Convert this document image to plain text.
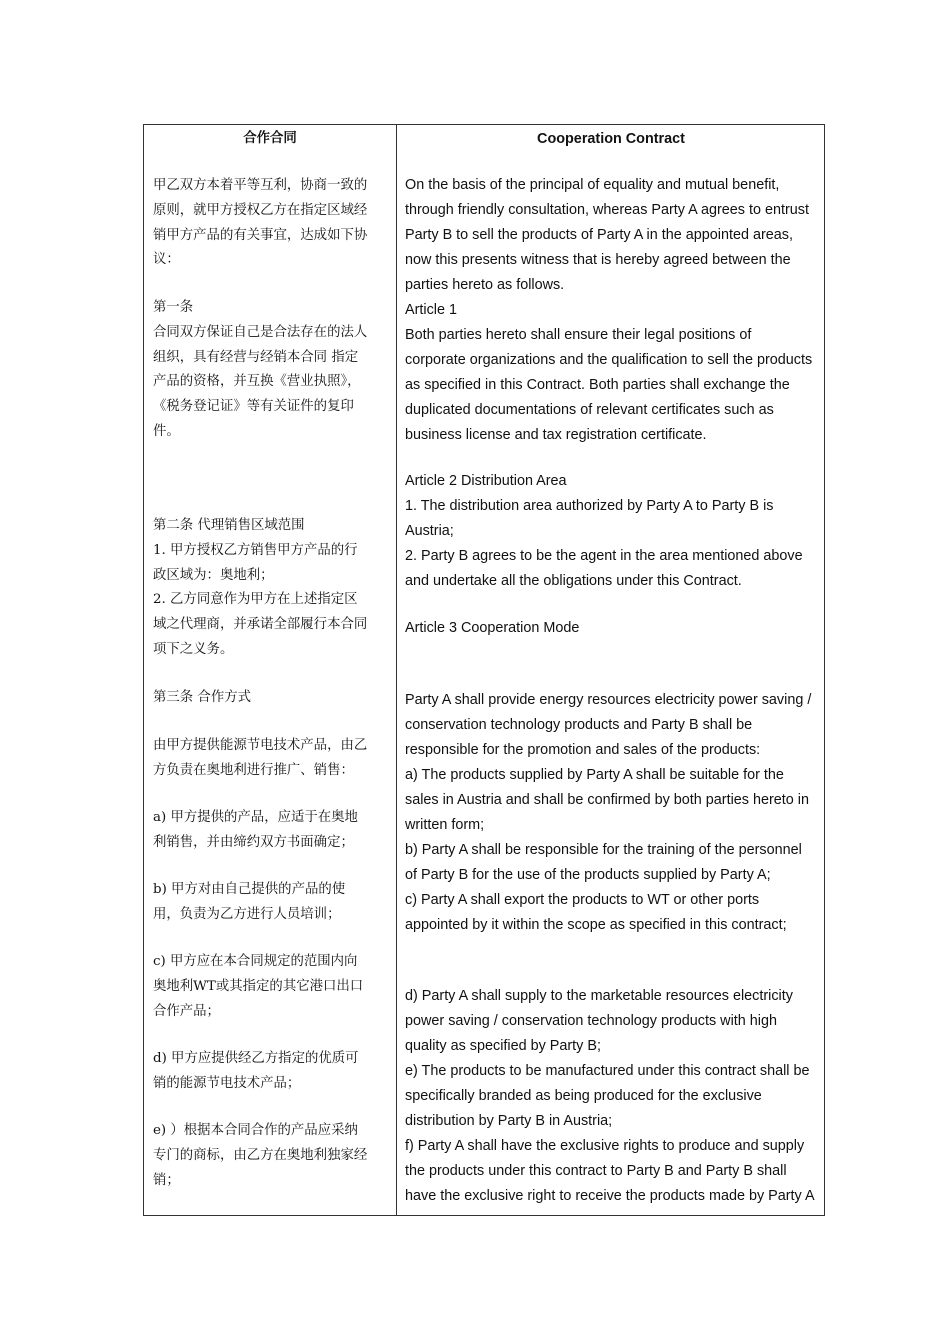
合作合同	Cooperation Contract

甲乙双方本着平等互利，协商一致的
原则，就甲方授权乙方在指定区域经
销甲方产品的有关事宜，达成如下协
议：

第一条
合同双方保证自己是合法存在的法人
组织，具有经营与经销本合同 指定
产品的资格，并互换《营业执照》，
《税务登记证》等有关证件的复印
件。

第二条 代理销售区域范围
1. 甲方授权乙方销售甲方产品的行
政区域为：奥地利；
2. 乙方同意作为甲方在上述指定区
域之代理商，并承诺全部履行本合同
项下之义务。

第三条 合作方式

由甲方提供能源节电技术产品，由乙
方负责在奥地利进行推广、销售：

a) 甲方提供的产品，应适于在奥地
利销售，并由缔约双方书面确定；

b) 甲方对由自己提供的产品的使
用，负责为乙方进行人员培训；

c) 甲方应在本合同规定的范围内向
奥地利WT或其指定的其它港口出口
合作产品；

d) 甲方应提供经乙方指定的优质可
销的能源节电技术产品；

e) ）根据本合同合作的产品应采纳
专门的商标，由乙方在奥地利独家经
销；

On the basis of the principal of equality and mutual benefit,
through friendly consultation, whereas Party A agrees to entrust
Party B to sell the products of Party A in the appointed areas,
now this presents witness that is hereby agreed between the
parties hereto as follows.
Article 1
Both parties hereto shall ensure their legal positions of
corporate organizations and the qualification to sell the products
as specified in this Contract. Both parties shall exchange the
duplicated documentations of relevant certificates such as
business license and tax registration certificate.

Article 2 Distribution Area
1. The distribution area authorized by Party A to Party B is
Austria;
2. Party B agrees to be the agent in the area mentioned above
and undertake all the obligations under this Contract.

Article 3 Cooperation Mode

Party A shall provide energy resources electricity power saving /
conservation technology products and Party B shall be
responsible for the promotion and sales of the products:
a) The products supplied by Party A shall be suitable for the
sales in Austria and shall be confirmed by both parties hereto in
written form;
b) Party A shall be responsible for the training of the personnel
of Party B for the use of the products supplied by Party A;
c) Party A shall export the products to WT or other ports
appointed by it within the scope as specified in this contract;

d) Party A shall supply to the marketable resources electricity
power saving / conservation technology products with high
quality as specified by Party B;
e) The products to be manufactured under this contract shall be
specifically branded as being produced for the exclusive
distribution by Party B in Austria;
f) Party A shall have the exclusive rights to produce and supply
the products under this contract to Party B and Party B shall
have the exclusive right to receive the products made by Party A
